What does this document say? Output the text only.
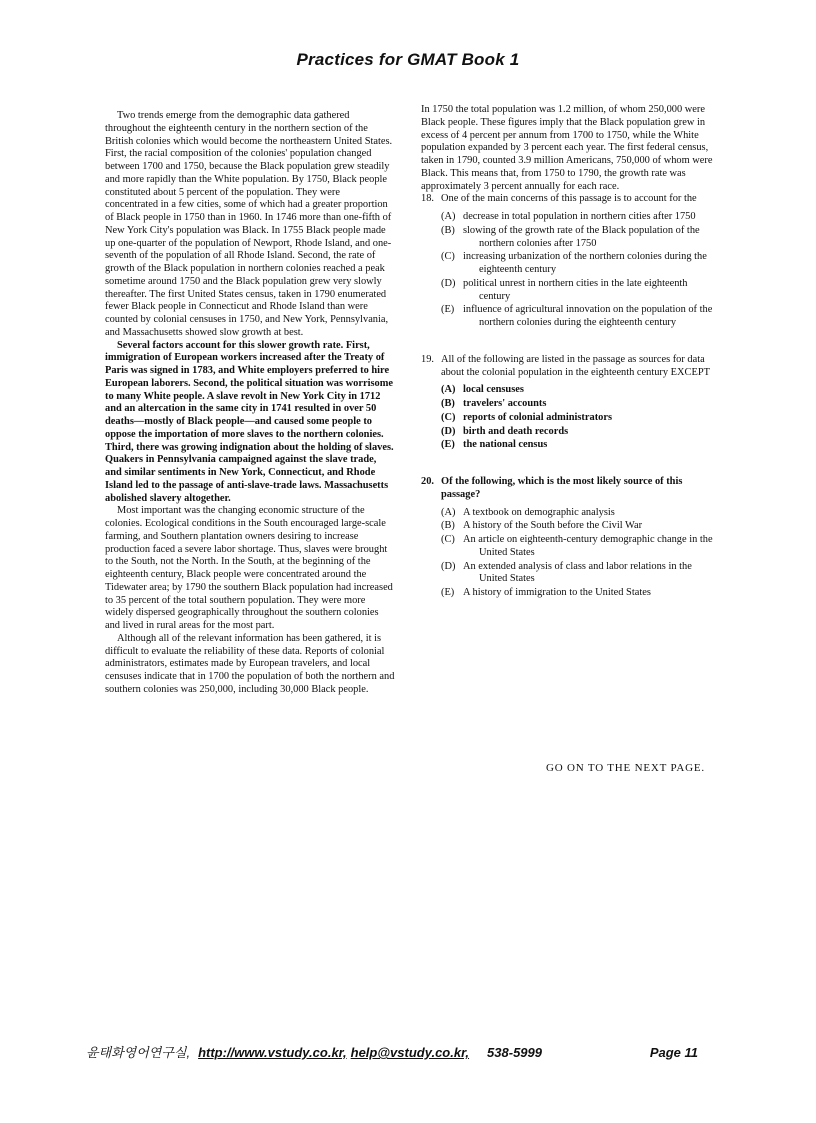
Practices for GMAT Book 1

Two trends emerge from the demographic data gathered throughout the eighteenth century in the northern section of the British colonies which would become the northeastern United States. First, the racial composition of the colonies' population changed between 1700 and 1750, because the Black population grew steadily and more rapidly than the White population. By 1750, Black people constituted about 5 percent of the population. They were concentrated in a few cities, some of which had a greater proportion of Black people in 1750 than in 1960. In 1746 more than one-fifth of New York City's population was Black. In 1755 Black people made up one-quarter of the population of Newport, Rhode Island, and one-seventh of the population of all Rhode Island. Second, the rate of growth of the Black population in northern colonies reached a peak sometime around 1750 and the Black population grew very slowly thereafter. The first United States census, taken in 1790 enumerated fewer Black people in Connecticut and Rhode Island than were counted by colonial censuses in 1750, and New York, Pennsylvania, and Massachusetts showed slow growth at best.

Several factors account for this slower growth rate. First, immigration of European workers increased after the Treaty of Paris was signed in 1783, and White employers preferred to hire European laborers. Second, the political situation was worrisome to many White people. A slave revolt in New York City in 1712 and an altercation in the same city in 1741 resulted in over 50 deaths—mostly of Black people—and caused some people to oppose the importation of more slaves to the northern colonies. Third, there was growing indignation about the holding of slaves. Quakers in Pennsylvania campaigned against the slave trade, and similar sentiments in New York, Connecticut, and Rhode Island led to the passage of anti-slave-trade laws. Massachusetts abolished slavery altogether.

Most important was the changing economic structure of the colonies. Ecological conditions in the South encouraged large-scale farming, and Southern plantation owners desiring to increase production faced a severe labor shortage. Thus, slaves were brought to the South, not the North. In the South, at the beginning of the eighteenth century, Black people were concentrated around the Tidewater area; by 1790 the southern Black population had increased to 35 percent of the total southern population. They were more widely dispersed geographically throughout the southern colonies and lived in rural areas for the most part.

Although all of the relevant information has been gathered, it is difficult to evaluate the reliability of these data. Reports of colonial administrators, estimates made by European travelers, and local censuses indicate that in 1700 the population of both the northern and southern colonies was 250,000, including 30,000 Black people.

In 1750 the total population was 1.2 million, of whom 250,000 were Black people. These figures imply that the Black population grew in excess of 4 percent per annum from 1700 to 1750, while the White population expanded by 3 percent each year. The first federal census, taken in 1790, counted 3.9 million Americans, 750,000 of whom were Black. This means that, from 1750 to 1790, the growth rate was approximately 3 percent annually for each race.

18. One of the main concerns of this passage is to account for the
(A) decrease in total population in northern cities after 1750
(B) slowing of the growth rate of the Black population of the northern colonies after 1750
(C) increasing urbanization of the northern colonies during the eighteenth century
(D) political unrest in northern cities in the late eighteenth century
(E) influence of agricultural innovation on the population of the northern colonies during the eighteenth century
19. All of the following are listed in the passage as sources for data about the colonial population in the eighteenth century EXCEPT
(A) local censuses
(B) travelers' accounts
(C) reports of colonial administrators
(D) birth and death records
(E) the national census
20. Of the following, which is the most likely source of this passage?
(A) A textbook on demographic analysis
(B) A history of the South before the Civil War
(C) An article on eighteenth-century demographic change in the United States
(D) An extended analysis of class and labor relations in the United States
(E) A history of immigration to the United States
GO ON TO THE NEXT PAGE.
윤태화영어연구실, http://www.vstudy.co.kr, help@vstudy.co.kr, 538-5999	Page 11
